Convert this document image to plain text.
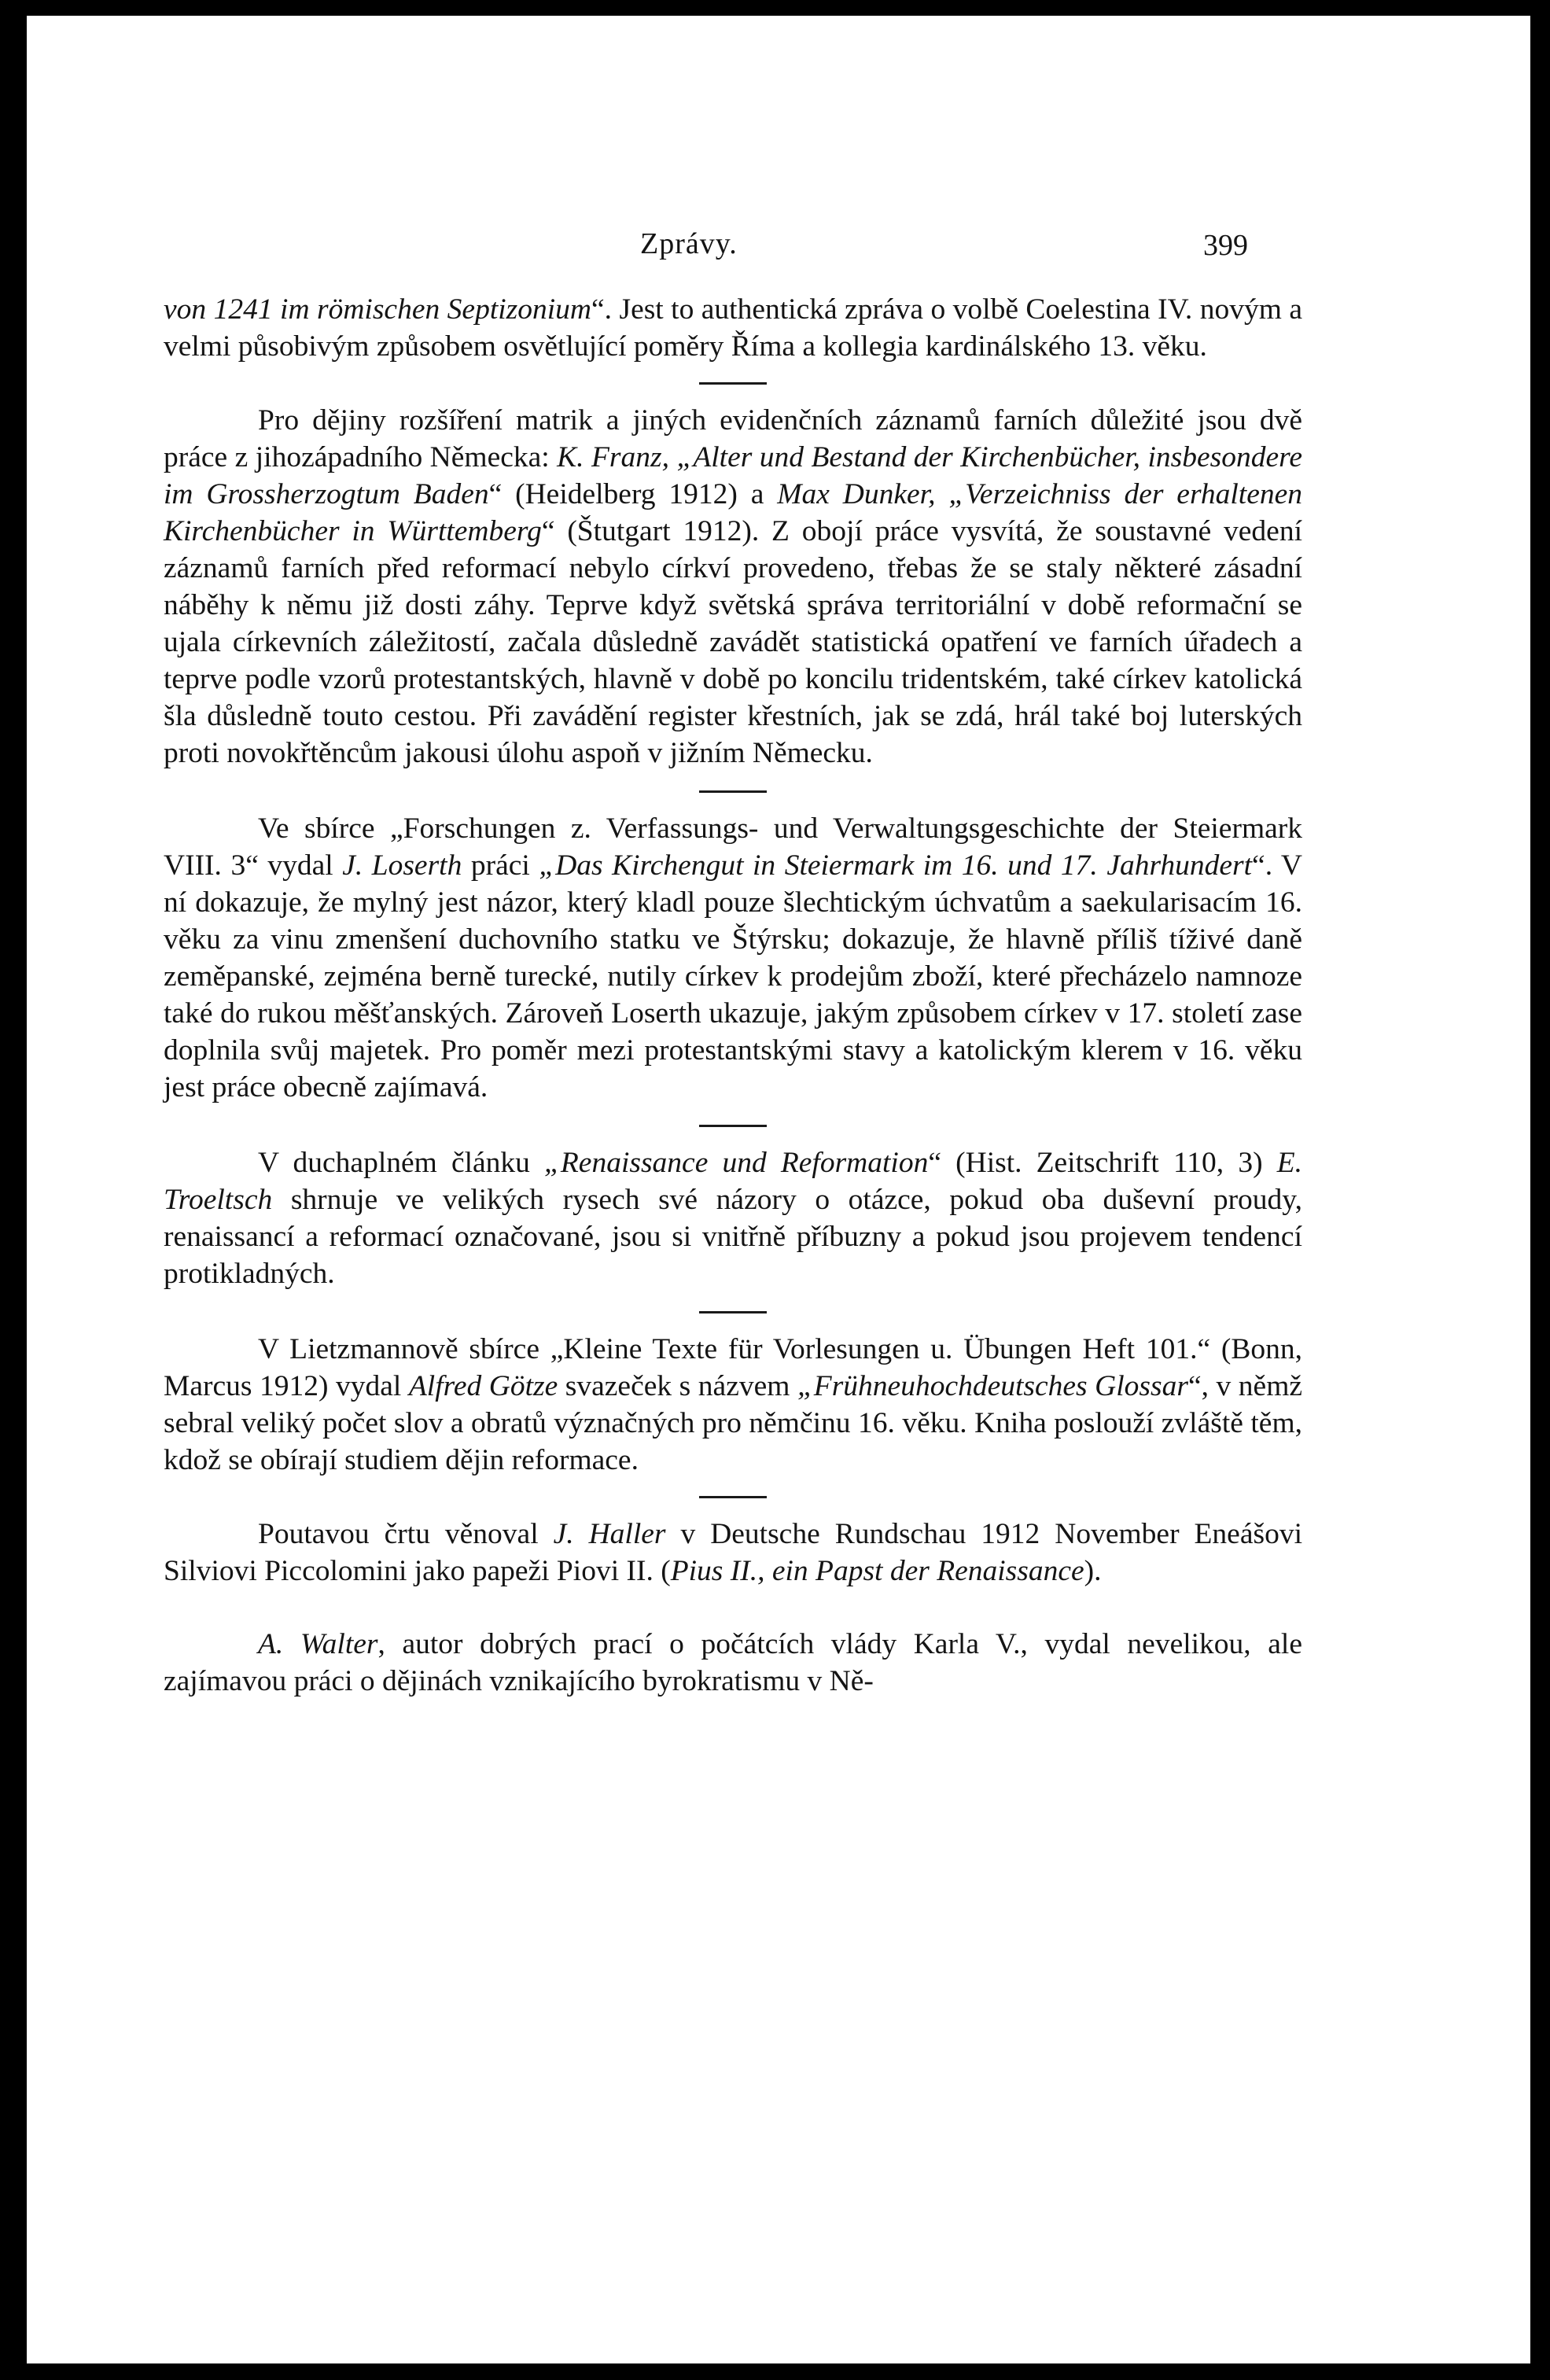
Zprávy.	399

von 1241 im römischen Septizonium“. Jest to authentická zpráva o volbě Coelestina IV. novým a velmi působivým způsobem osvětlující poměry Říma a kollegia kardinálského 13. věku.

Pro dějiny rozšíření matrik a jiných evidenčních záznamů farních důležité jsou dvě práce z jihozápadního Německa: K. Franz, „Alter und Bestand der Kirchenbücher, insbesondere im Grossherzogtum Baden“ (Heidelberg 1912) a Max Dunker, „Verzeichniss der erhaltenen Kirchenbücher in Württemberg“ (Štutgart 1912). Z obojí práce vysvítá, že soustavné vedení záznamů farních před reformací nebylo církví provedeno, třebas že se staly některé zásadní náběhy k němu již dosti záhy. Teprve když světská správa territoriální v době reformační se ujala církevních záležitostí, začala důsledně zavádět statistická opatření ve farních úřadech a teprve podle vzorů protestantských, hlavně v době po koncilu tridentském, také církev katolická šla důsledně touto cestou. Při zavádění register křestních, jak se zdá, hrál také boj luterských proti novokřtěncům jakousi úlohu aspoň v jižním Německu.

Ve sbírce „Forschungen z. Verfassungs- und Verwaltungsgeschichte der Steiermark VIII. 3“ vydal J. Loserth práci „Das Kirchengut in Steiermark im 16. und 17. Jahrhundert“. V ní dokazuje, že mylný jest názor, který kladl pouze šlechtickým úchvatům a saekularisacím 16. věku za vinu zmenšení duchovního statku ve Štýrsku; dokazuje, že hlavně příliš tíživé daně zeměpanské, zejména berně turecké, nutily církev k prodejům zboží, které přecházelo namnoze také do rukou měšťanských. Zároveň Loserth ukazuje, jakým způsobem církev v 17. století zase doplnila svůj majetek. Pro poměr mezi protestantskými stavy a katolickým klerem v 16. věku jest práce obecně zajímavá.

V duchaplném článku „Renaissance und Reformation“ (Hist. Zeitschrift 110, 3) E. Troeltsch shrnuje ve velikých rysech své názory o otázce, pokud oba duševní proudy, renaissancí a reformací označované, jsou si vnitřně příbuzny a pokud jsou projevem tendencí protikladných.

V Lietzmannově sbírce „Kleine Texte für Vorlesungen u. Übungen Heft 101.“ (Bonn, Marcus 1912) vydal Alfred Götze svazeček s názvem „Frühneuhochdeutsches Glossar“, v němž sebral veliký počet slov a obratů význačných pro němčinu 16. věku. Kniha poslouží zvláště těm, kdož se obírají studiem dějin reformace.

Poutavou črtu věnoval J. Haller v Deutsche Rundschau 1912 November Eneášovi Silviovi Piccolomini jako papeži Piovi II. (Pius II., ein Papst der Renaissance).

A. Walter, autor dobrých prací o počátcích vlády Karla V., vydal nevelikou, ale zajímavou práci o dějinách vznikajícího byrokratismu v Ně-
